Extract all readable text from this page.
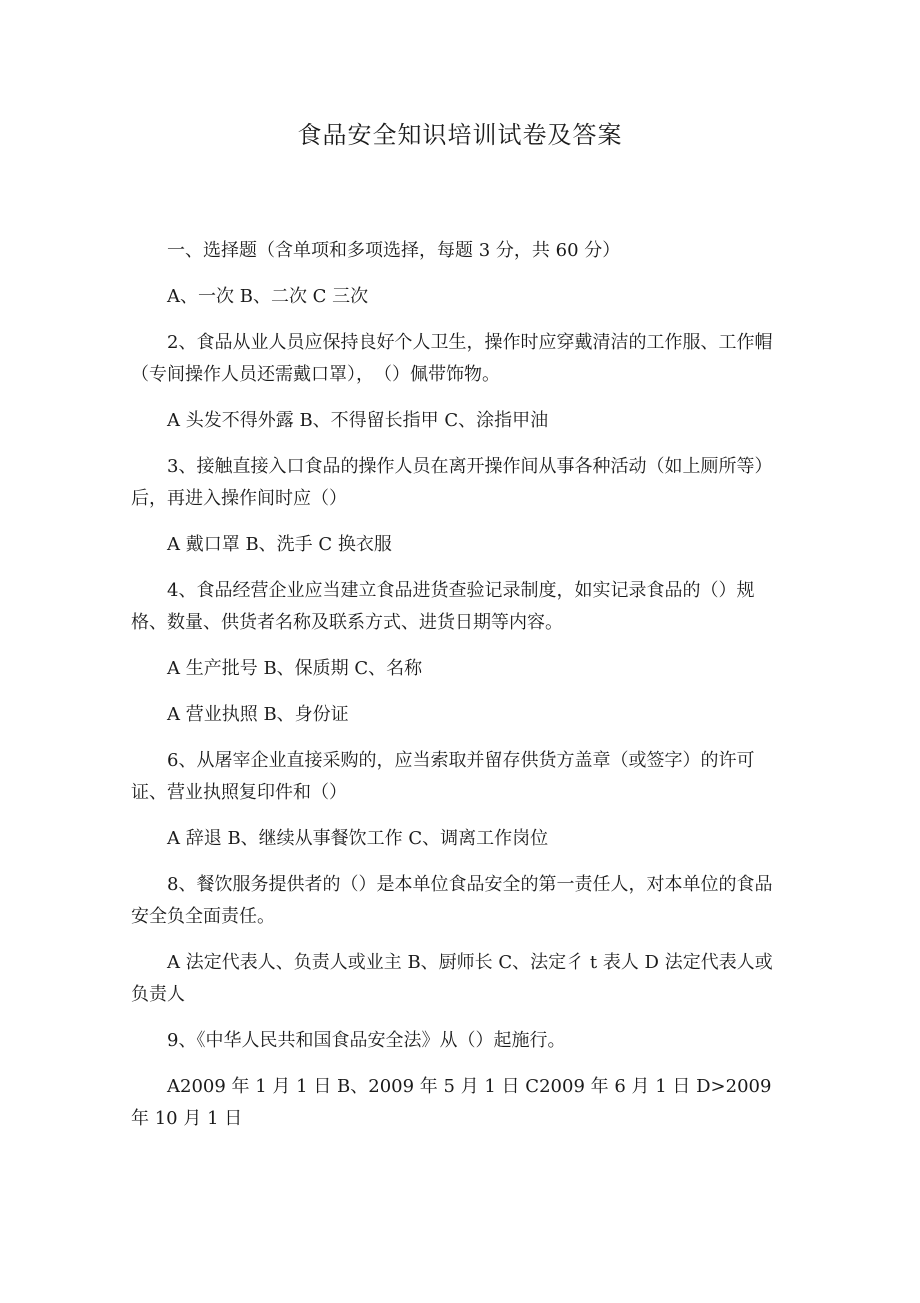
食品安全知识培训试卷及答案

一、选择题（含单项和多项选择，每题 3 分，共 60 分）

A、一次 B、二次 C 三次

2、食品从业人员应保持良好个人卫生，操作时应穿戴清洁的工作服、工作帽（专间操作人员还需戴口罩），　（）佩带饰物。

A 头发不得外露 B、不得留长指甲 C、涂指甲油

3、接触直接入口食品的操作人员在离开操作间从事各种活动（如上厕所等）后，再进入操作间时应（）

A 戴口罩 B、洗手 C 换衣服

4、食品经营企业应当建立食品进货查验记录制度，如实记录食品的（）规格、数量、供货者名称及联系方式、进货日期等内容。

A 生产批号 B、保质期 C、名称

A 营业执照 B、身份证

6、从屠宰企业直接采购的，应当索取并留存供货方盖章（或签字）的许可证、营业执照复印件和（）

A 辞退 B、继续从事餐饮工作 C、调离工作岗位

8、餐饮服务提供者的（）是本单位食品安全的第一责任人，对本单位的食品安全负全面责任。

A 法定代表人、负责人或业主 B、厨师长 C、法定彳 t 表人 D 法定代表人或负责人

9、《中华人民共和国食品安全法》从（）起施行。

A2009 年 1 月 1 日 B、2009 年 5 月 1 日 C2009 年 6 月 1 日 D>2009 年 10 月 1 日
